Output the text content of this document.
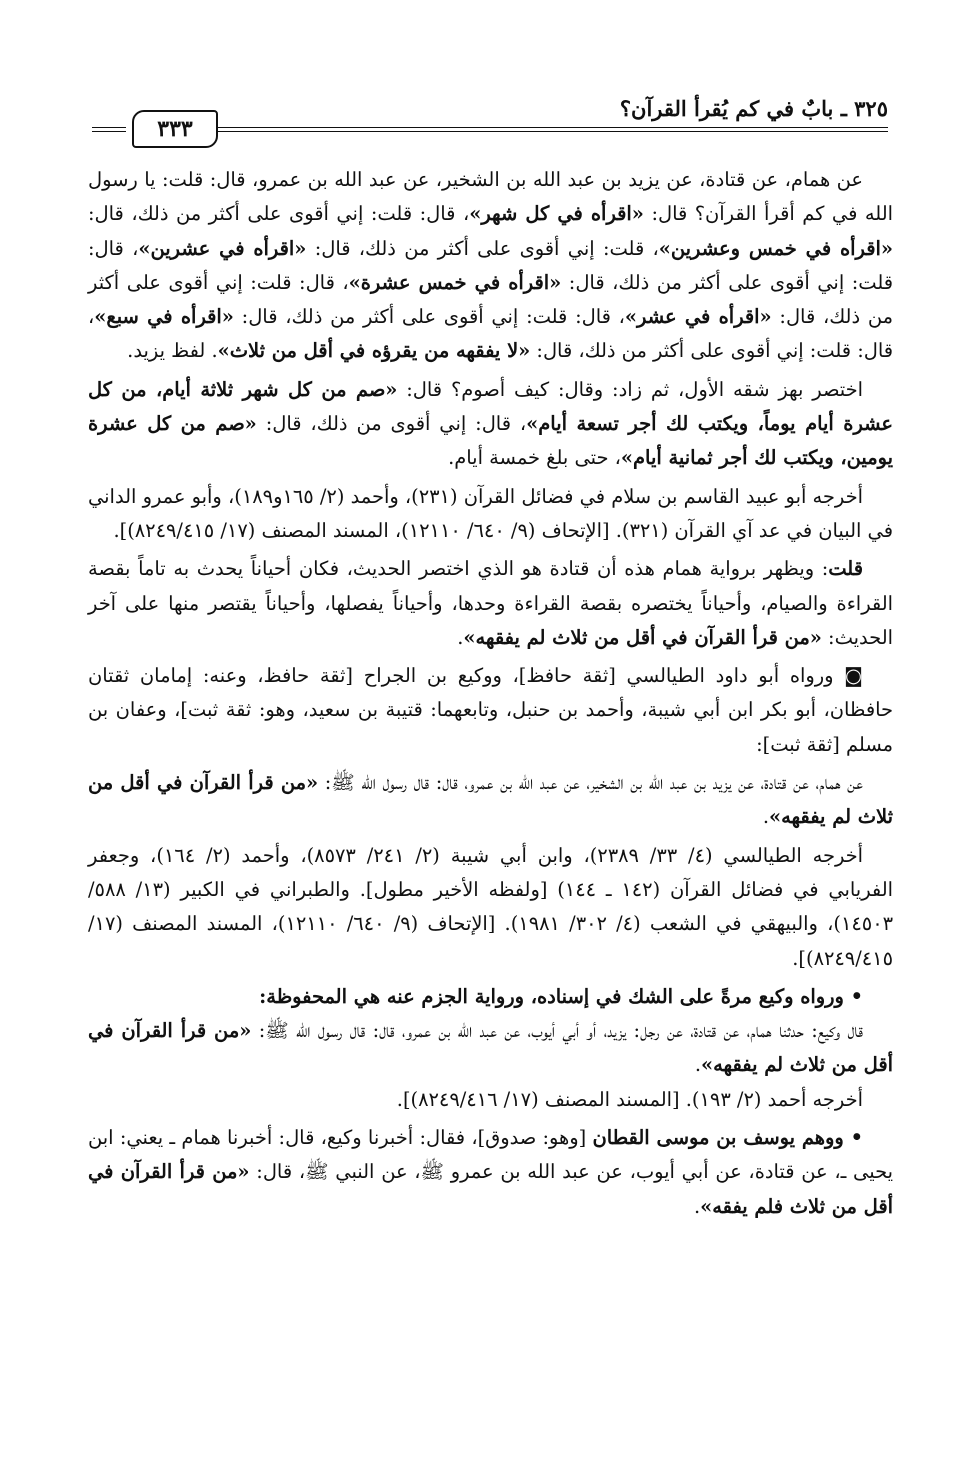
٣٢٥ ـ بابٌ في كم يُقرأ القرآن؟
٣٣٣

عن همام، عن قتادة، عن يزيد بن عبد الله بن الشخير، عن عبد الله بن عمرو، قال: قلت: يا رسول الله في كم أقرأ القرآن؟ قال: «اقرأه في كل شهر»، قال: قلت: إني أقوى على أكثر من ذلك، قال: «اقرأه في خمس وعشرين»، قلت: إني أقوى على أكثر من ذلك، قال: «اقرأه في عشرين»، قال: قلت: إني أقوى على أكثر من ذلك، قال: «اقرأه في خمس عشرة»، قال: قلت: إني أقوى على أكثر من ذلك، قال: «اقرأه في عشر»، قال: قلت: إني أقوى على أكثر من ذلك، قال: «اقرأه في سبع»، قال: قلت: إني أقوى على أكثر من ذلك، قال: «لا يفقهه من يقرؤه في أقل من ثلاث». لفظ يزيد.

اختصر بهز شقه الأول، ثم زاد: وقال: كيف أصوم؟ قال: «صم من كل شهر ثلاثة أيام، من كل عشرة أيام يوماً، ويكتب لك أجر تسعة أيام»، قال: إني أقوى من ذلك، قال: «صم من كل عشرة يومين، ويكتب لك أجر ثمانية أيام»، حتى بلغ خمسة أيام.

أخرجه أبو عبيد القاسم بن سلام في فضائل القرآن (٢٣١)، وأحمد (٢/ ١٦٥و١٨٩)، وأبو عمرو الداني في البيان في عد آي القرآن (٣٢١). [الإتحاف (٩/ ٦٤٠/ ١٢١١٠)، المسند المصنف (١٧/ ٨٢٤٩/٤١٥)].

قلت: ويظهر برواية همام هذه أن قتادة هو الذي اختصر الحديث، فكان أحياناً يحدث به تاماً بقصة القراءة والصيام، وأحياناً يختصره بقصة القراءة وحدها، وأحياناً يفصلها، وأحياناً يقتصر منها على آخر الحديث: «من قرأ القرآن في أقل من ثلاث لم يفقهه».

◙ ورواه أبو داود الطيالسي [ثقة حافظ]، ووكيع بن الجراح [ثقة حافظ، وعنه: إمامان ثقتان حافظان، أبو بكر ابن أبي شيبة، وأحمد بن حنبل، وتابعهما: قتيبة بن سعيد، وهو: ثقة ثبت]، وعفان بن مسلم [ثقة ثبت]:

عن همام، عن قتادة، عن يزيد بن عبد الله بن الشخير، عن عبد الله بن عمرو، قال: قال رسول الله ﷺ: «من قرأ القرآن في أقل من ثلاث لم يفقهه».

أخرجه الطيالسي (٤/ ٣٣/ ٢٣٨٩)، وابن أبي شيبة (٢/ ٢٤١/ ٨٥٧٣)، وأحمد (٢/ ١٦٤)، وجعفر الفريابي في فضائل القرآن (١٤٢ ـ ١٤٤) [ولفظه الأخير مطول]. والطبراني في الكبير (١٣/ ٥٨٨/ ١٤٥٠٣)، والبيهقي في الشعب (٤/ ٣٠٢/ ١٩٨١). [الإتحاف (٩/ ٦٤٠/ ١٢١١٠)، المسند المصنف (١٧/ ٨٢٤٩/٤١٥)].

• ورواه وكيع مرةً على الشك في إسناده، ورواية الجزم عنه هي المحفوظة:

قال وكيع: حدثنا همام، عن قتادة، عن رجل: يزيد، أو أبي أيوب، عن عبد الله بن عمرو، قال: قال رسول الله ﷺ: «من قرأ القرآن في أقل من ثلاث لم يفقهه».

أخرجه أحمد (٢/ ١٩٣). [المسند المصنف (١٧/ ٨٢٤٩/٤١٦)].

• ووهم يوسف بن موسى القطان [وهو: صدوق]، فقال: أخبرنا وكيع، قال: أخبرنا همام ـ يعني: ابن يحيى ـ، عن قتادة، عن أبي أيوب، عن عبد الله بن عمرو ﷺ، عن النبي ﷺ، قال: «من قرأ القرآن في أقل من ثلاث فلم يفقه».
